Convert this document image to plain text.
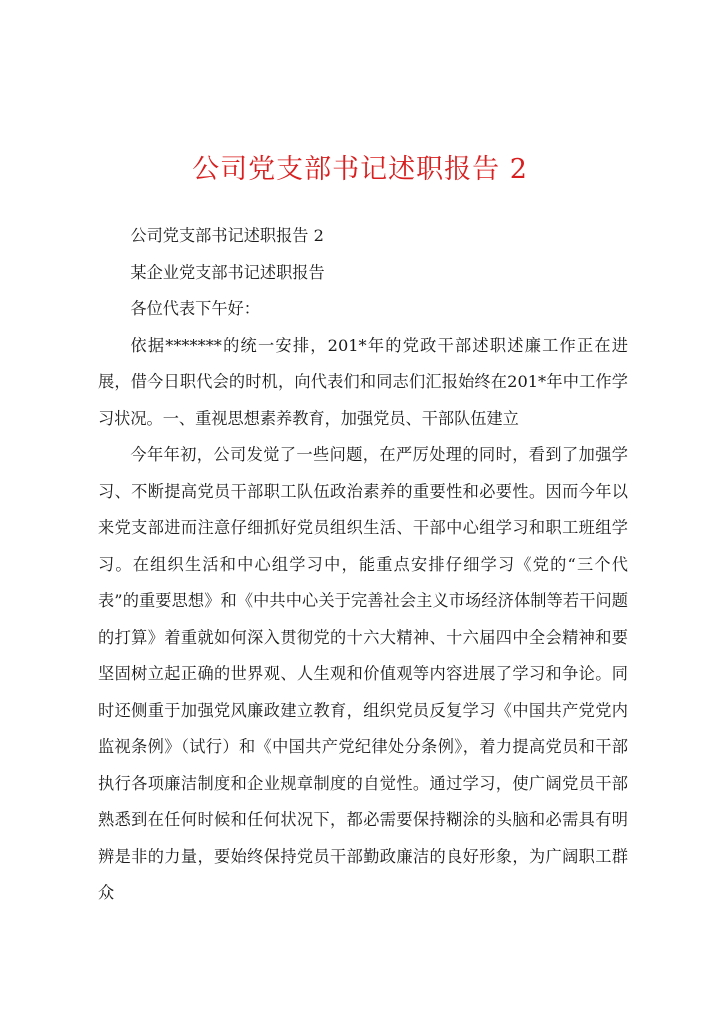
公司党支部书记述职报告 2

公司党支部书记述职报告 2

某企业党支部书记述职报告

各位代表下午好：

依据*******的统一安排，201*年的党政干部述职述廉工作正在进展，借今日职代会的时机，向代表们和同志们汇报始终在201*年中工作学习状况。一、重视思想素养教育，加强党员、干部队伍建立

今年年初，公司发觉了一些问题，在严厉处理的同时，看到了加强学习、不断提高党员干部职工队伍政治素养的重要性和必要性。因而今年以来党支部进而注意仔细抓好党员组织生活、干部中心组学习和职工班组学习。在组织生活和中心组学习中，能重点安排仔细学习《党的“三个代表”的重要思想》和《中共中心关于完善社会主义市场经济体制等若干问题的打算》着重就如何深入贯彻党的十六大精神、十六届四中全会精神和要坚固树立起正确的世界观、人生观和价值观等内容进展了学习和争论。同时还侧重于加强党风廉政建立教育，组织党员反复学习《中国共产党党内监视条例》（试行）和《中国共产党纪律处分条例》，着力提高党员和干部执行各项廉洁制度和企业规章制度的自觉性。通过学习，使广阔党员干部熟悉到在任何时候和任何状况下，都必需要保持糊涂的头脑和必需具有明辨是非的力量，要始终保持党员干部勤政廉洁的良好形象，为广阔职工群众
